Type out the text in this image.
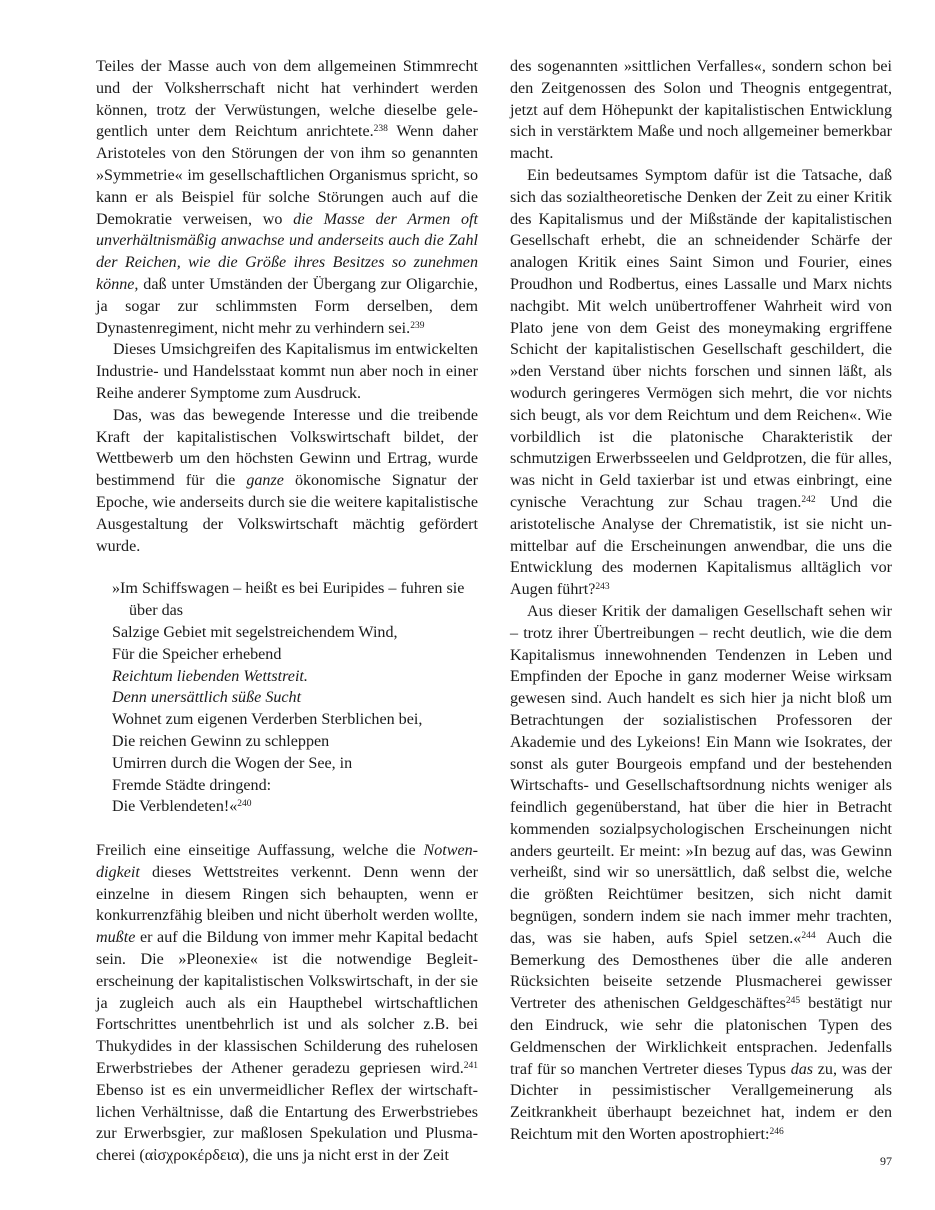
Teiles der Masse auch von dem allgemeinen Stimmrecht und der Volksherrschaft nicht hat verhindert werden können, trotz der Verwüstungen, welche dieselbe gelegentlich unter dem Reichtum anrichtete.$^{238}$ Wenn daher Aristoteles von den Störungen der von ihm so genannten »Symmetrie« im gesellschaftlichen Organismus spricht, so kann er als Beispiel für solche Störungen auch auf die Demokratie verweisen, wo die Masse der Armen oft unverhältnismäßig anwachse und anderseits auch die Zahl der Reichen, wie die Größe ihres Besitzes so zunehmen könne, daß unter Umständen der Übergang zur Oligarchie, ja sogar zur schlimmsten Form derselben, dem Dynastenregiment, nicht mehr zu verhindern sei.$^{239}$

Dieses Umsichgreifen des Kapitalismus im entwickelten Industrie- und Handelsstaat kommt nun aber noch in einer Reihe anderer Symptome zum Ausdruck.

Das, was das bewegende Interesse und die treibende Kraft der kapitalistischen Volkswirtschaft bildet, der Wettbewerb um den höchsten Gewinn und Ertrag, wurde bestimmend für die ganze ökonomische Signatur der Epoche, wie anderseits durch sie die weitere kapitalistische Ausgestaltung der Volkswirtschaft mächtig gefördert wurde.

»Im Schiffswagen – heißt es bei Euripides – fuhren sie
über das
Salzige Gebiet mit segelstreichendem Wind,
Für die Speicher erhebend
Reichtum liebenden Wettstreit.
Denn unersättlich süße Sucht
Wohnet zum eigenen Verderben Sterblichen bei,
Die reichen Gewinn zu schleppen
Umirren durch die Wogen der See, in
Fremde Städte dringend:
Die Verblendeten!«$^{240}$

Freilich eine einseitige Auffassung, welche die Notwendigkeit dieses Wettstreites verkennt. Denn wenn der einzelne in diesem Ringen sich behaupten, wenn er konkurrenzfähig bleiben und nicht überholt werden wollte, mußte er auf die Bildung von immer mehr Kapital bedacht sein. Die »Pleonexie« ist die notwendige Begleiterscheinung der kapitalistischen Volkswirtschaft, in der sie ja zugleich auch als ein Haupthebel wirtschaftlichen Fortschrittes unentbehrlich ist und als solcher z.B. bei Thukydides in der klassischen Schilderung des ruhelosen Erwerbstriebes der Athener geradezu gepriesen wird.$^{241}$ Ebenso ist es ein unvermeidlicher Reflex der wirtschaftlichen Verhältnisse, daß die Entartung des Erwerbstriebes zur Erwerbsgier, zur maßlosen Spekulation und Plusmacherei (αἰσχροκέρδεια), die uns ja nicht erst in der Zeit

des sogenannten »sittlichen Verfalles«, sondern schon bei den Zeitgenossen des Solon und Theognis entgegentrat, jetzt auf dem Höhepunkt der kapitalistischen Entwicklung sich in verstärktem Maße und noch allgemeiner bemerkbar macht.

Ein bedeutsames Symptom dafür ist die Tatsache, daß sich das sozialtheoretische Denken der Zeit zu einer Kritik des Kapitalismus und der Mißstände der kapitalistischen Gesellschaft erhebt, die an schneidender Schärfe der analogen Kritik eines Saint Simon und Fourier, eines Proudhon und Rodbertus, eines Lassalle und Marx nichts nachgibt. Mit welch unübertroffener Wahrheit wird von Plato jene von dem Geist des moneymaking ergriffene Schicht der kapitalistischen Gesellschaft geschildert, die »den Verstand über nichts forschen und sinnen läßt, als wodurch geringeres Vermögen sich mehrt, die vor nichts sich beugt, als vor dem Reichtum und dem Reichen«. Wie vorbildlich ist die platonische Charakteristik der schmutzigen Erwerbsseelen und Geldprotzen, die für alles, was nicht in Geld taxierbar ist und etwas einbringt, eine cynische Verachtung zur Schau tragen.$^{242}$ Und die aristotelische Analyse der Chrematistik, ist sie nicht unmittelbar auf die Erscheinungen anwendbar, die uns die Entwicklung des modernen Kapitalismus alltäglich vor Augen führt?$^{243}$

Aus dieser Kritik der damaligen Gesellschaft sehen wir – trotz ihrer Übertreibungen – recht deutlich, wie die dem Kapitalismus innewohnenden Tendenzen in Leben und Empfinden der Epoche in ganz moderner Weise wirksam gewesen sind. Auch handelt es sich hier ja nicht bloß um Betrachtungen der sozialistischen Professoren der Akademie und des Lykeions! Ein Mann wie Isokrates, der sonst als guter Bourgeois empfand und der bestehenden Wirtschafts- und Gesellschaftsordnung nichts weniger als feindlich gegenüberstand, hat über die hier in Betracht kommenden sozialpsychologischen Erscheinungen nicht anders geurteilt. Er meint: »In bezug auf das, was Gewinn verheißt, sind wir so unersättlich, daß selbst die, welche die größten Reichtümer besitzen, sich nicht damit begnügen, sondern indem sie nach immer mehr trachten, das, was sie haben, aufs Spiel setzen.«$^{244}$ Auch die Bemerkung des Demosthenes über die alle anderen Rücksichten beiseite setzende Plusmacherei gewisser Vertreter des athenischen Geldgeschäftes$^{245}$ bestätigt nur den Eindruck, wie sehr die platonischen Typen des Geldmenschen der Wirklichkeit entsprachen. Jedenfalls traf für so manchen Vertreter dieses Typus das zu, was der Dichter in pessimistischer Verallgemeinerung als Zeitkrankheit überhaupt bezeichnet hat, indem er den Reichtum mit den Worten apostrophiert:$^{246}$

97
